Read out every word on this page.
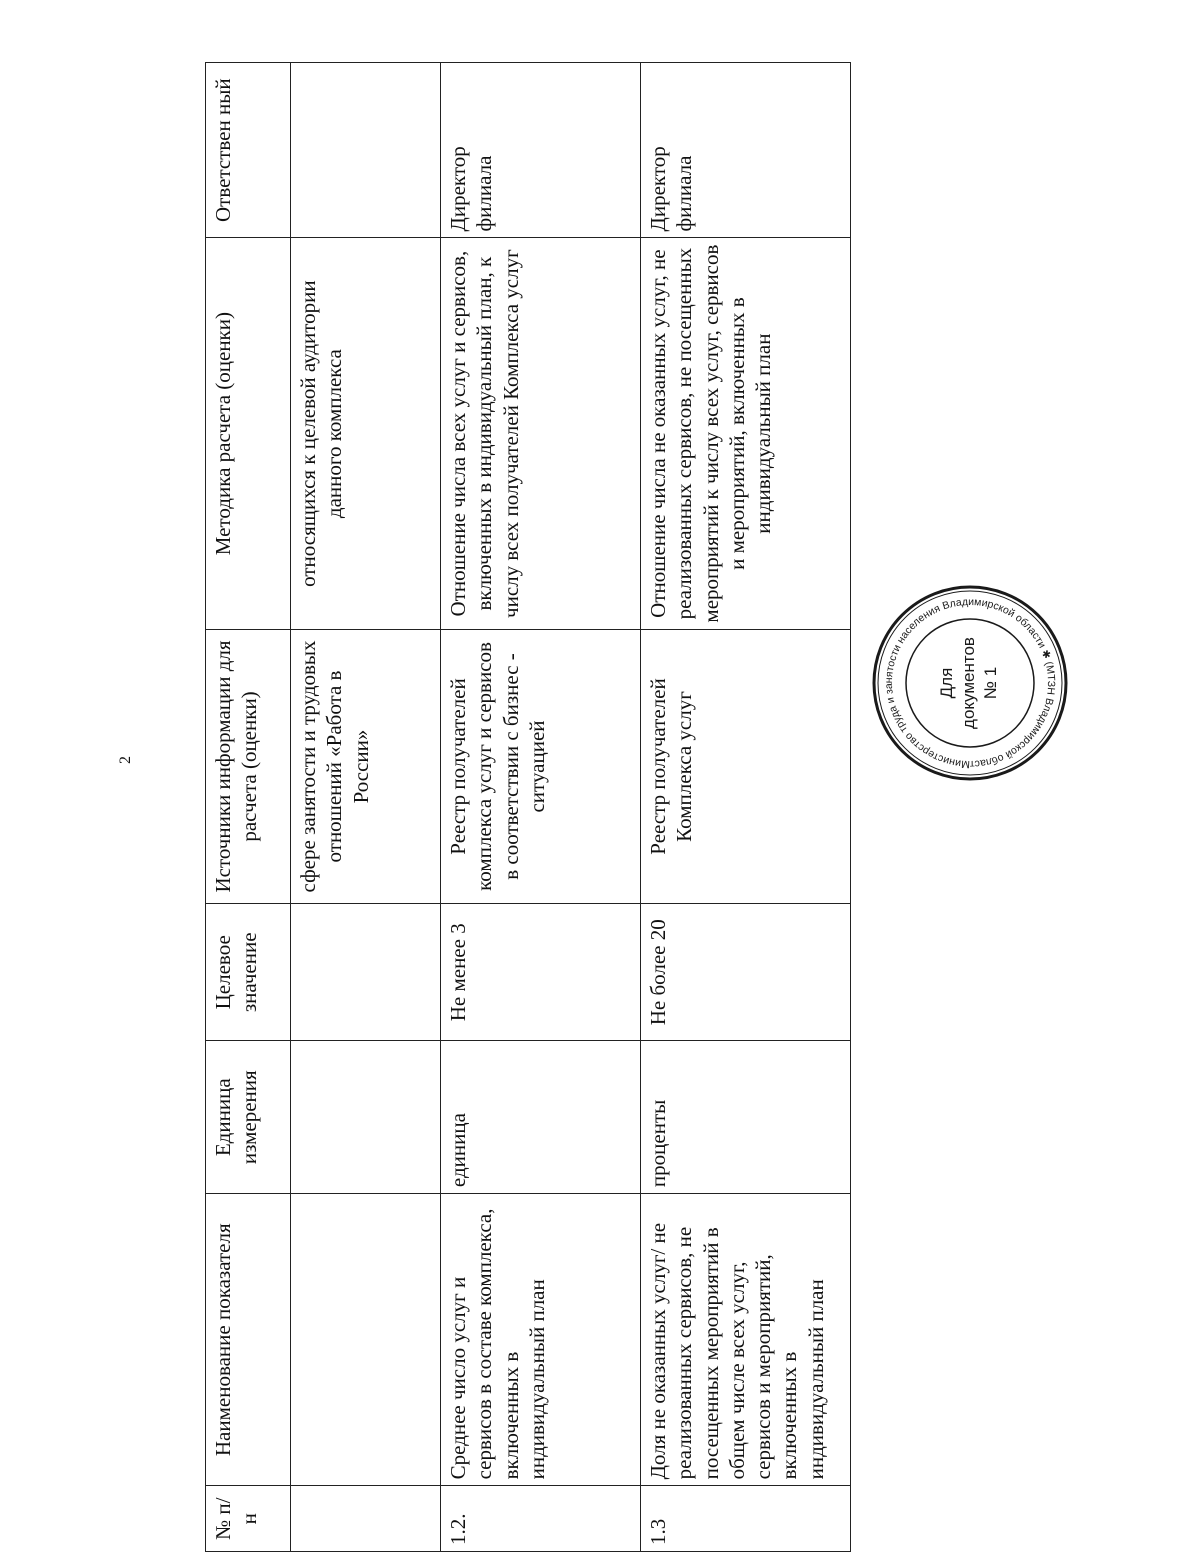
2
№ п/н	Наименование показателя	Единица измерения	Целевое значение	Источники информации для расчета (оценки)	Методика расчета (оценки)	Ответствен ный
				сфере занятости и трудовых отношений «Работа в России»	относящихся к целевой аудитории данного комплекса	
1.2.	Среднее число услуг и сервисов в составе комплекса, включенных в индивидуальный план	единица	Не менее 3	Реестр получателей комплекса услуг и сервисов в соответствии с бизнес - ситуацией	Отношение числа всех услуг и сервисов, включенных в индивидуальный план, к числу всех получателей Комплекса услуг	Директор филиала
1.3	Доля не оказанных услуг/ не реализованных сервисов, не посещенных мероприятий в общем числе всех услуг, сервисов и мероприятий, включенных в индивидуальный план	проценты	Не более 20	Реестр получателей Комплекса услуг	Отношение числа не оказанных услуг, не реализованных сервисов, не посещенных мероприятий к числу всех услуг, сервисов и мероприятий, включенных в индивидуальный план	Директор филиала
Министерство труда и занятости населения Владимирской области ✱ (МТЗН Владимирской област
Для документов № 1
